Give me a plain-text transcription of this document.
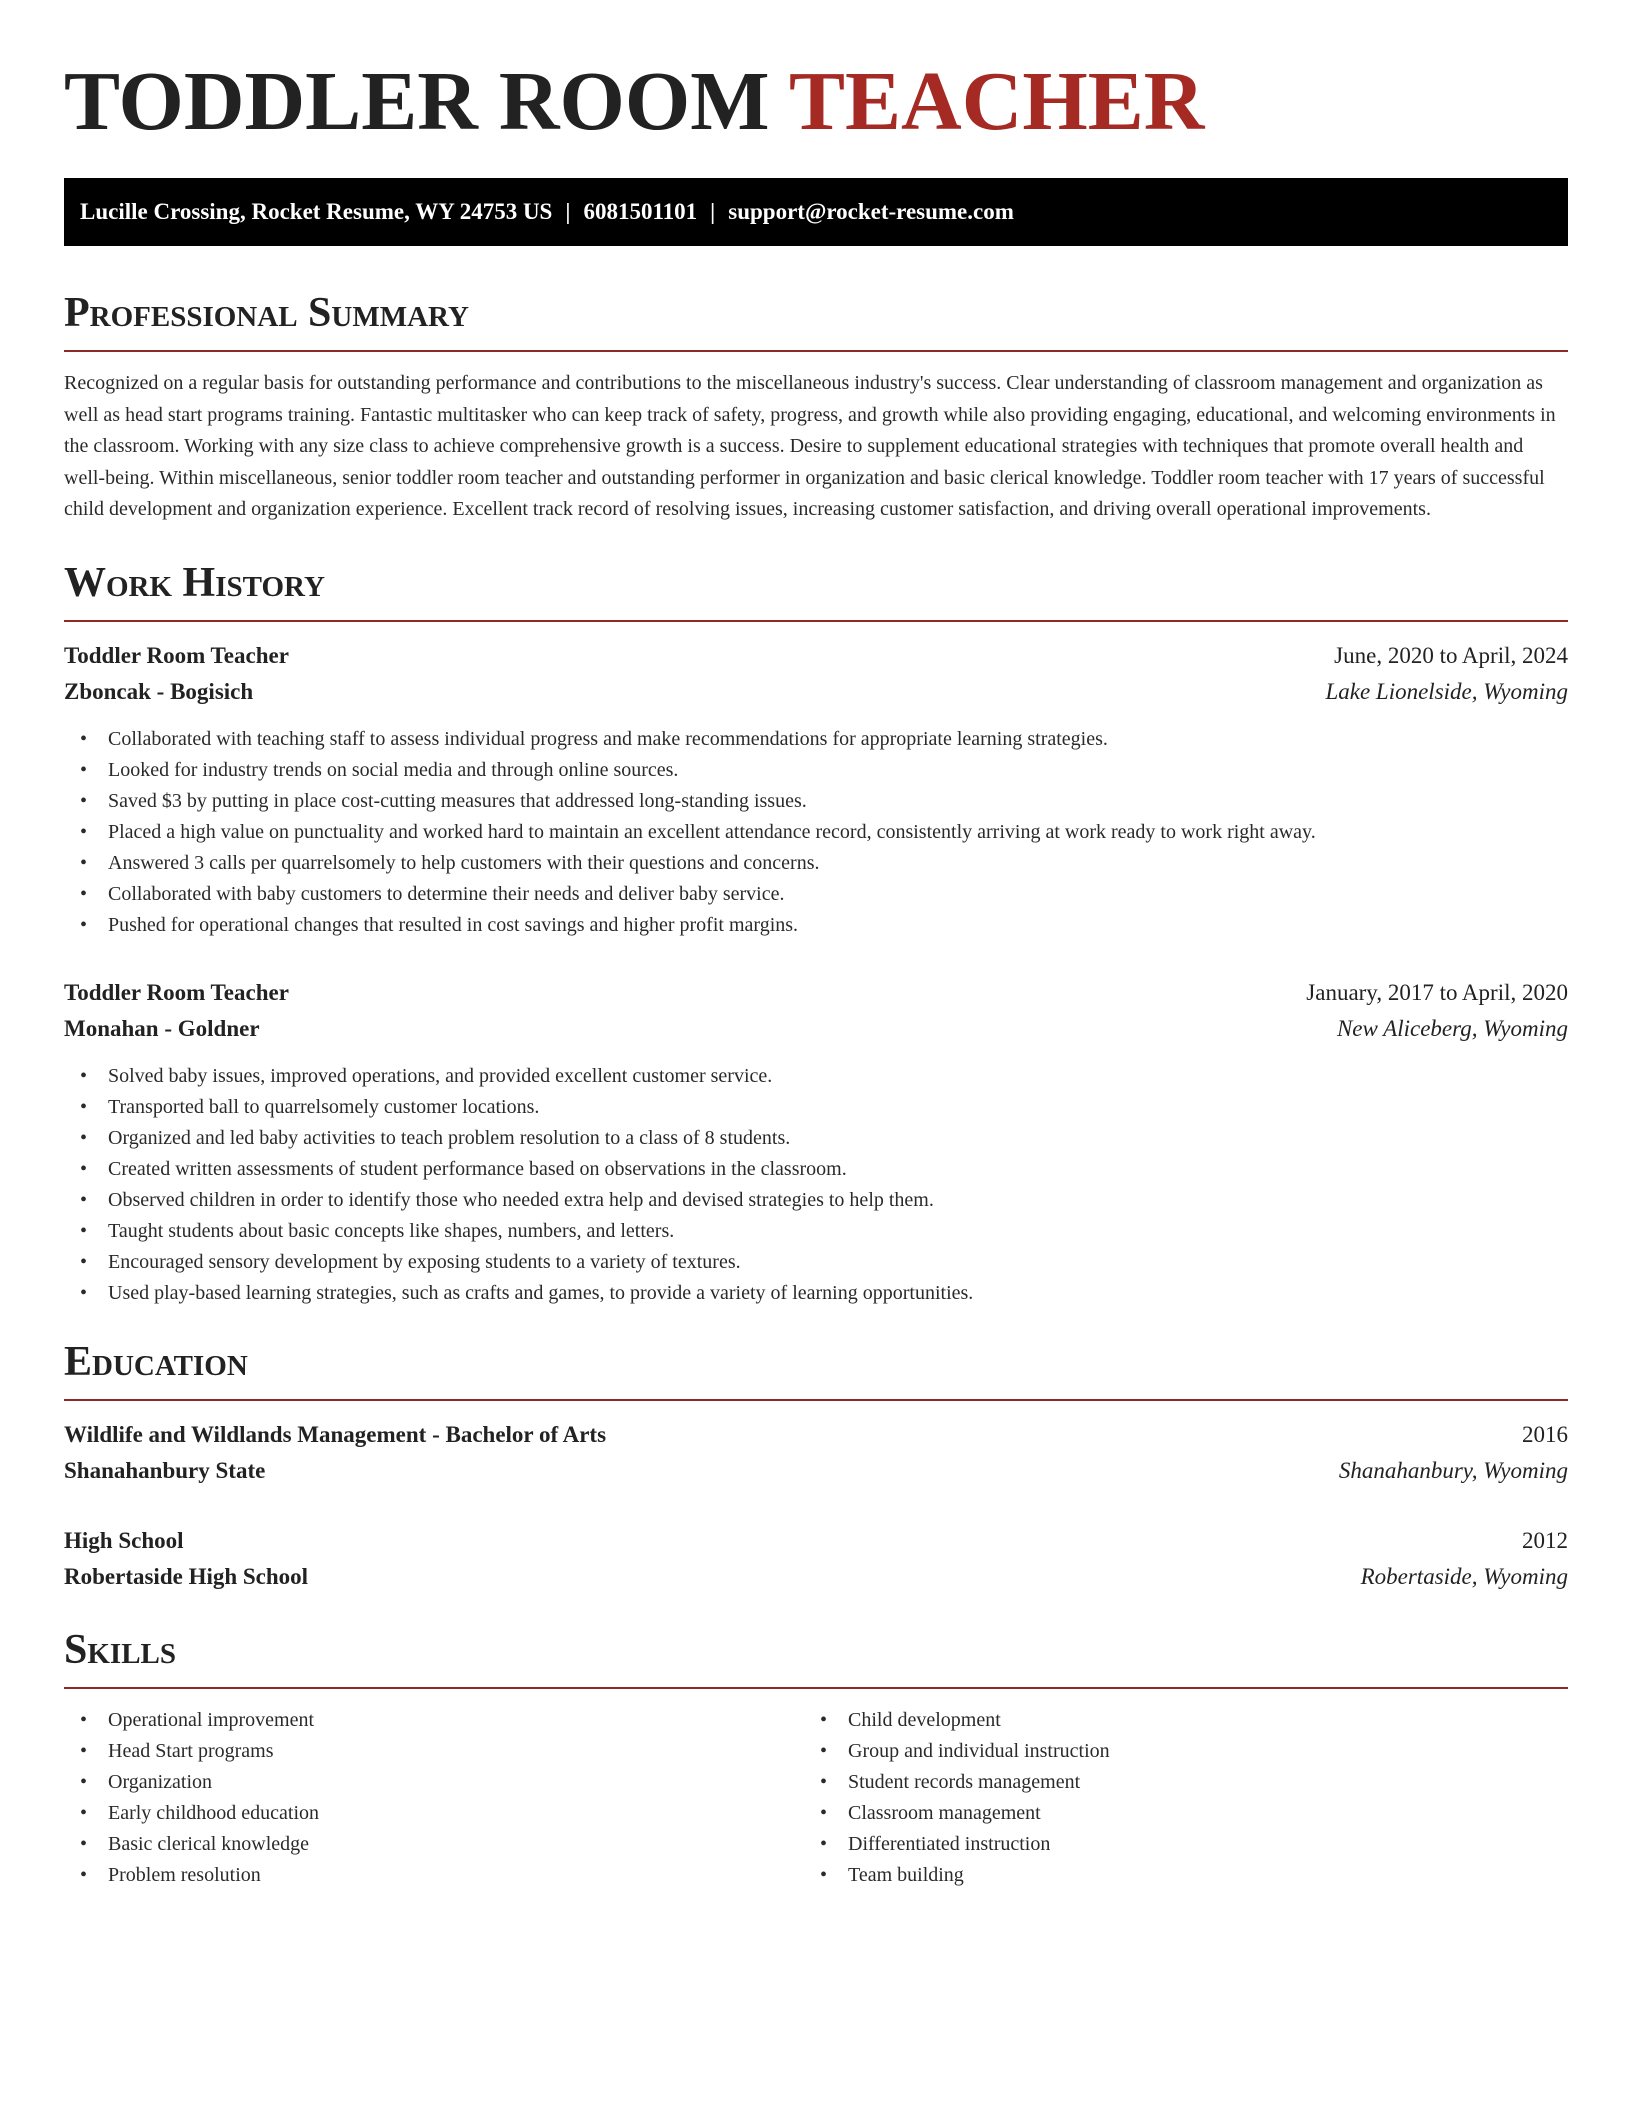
TODDLER ROOM TEACHER
Lucille Crossing, Rocket Resume, WY 24753 US | 6081501101 | support@rocket-resume.com
Professional Summary

Recognized on a regular basis for outstanding performance and contributions to the miscellaneous industry's success. Clear understanding of classroom management and organization as well as head start programs training. Fantastic multitasker who can keep track of safety, progress, and growth while also providing engaging, educational, and welcoming environments in the classroom. Working with any size class to achieve comprehensive growth is a success. Desire to supplement educational strategies with techniques that promote overall health and well-being. Within miscellaneous, senior toddler room teacher and outstanding performer in organization and basic clerical knowledge. Toddler room teacher with 17 years of successful child development and organization experience. Excellent track record of resolving issues, increasing customer satisfaction, and driving overall operational improvements.

Work History
Toddler Room Teacher	June, 2020 to April, 2024
Zboncak - Bogisich	Lake Lionelside, Wyoming
• Collaborated with teaching staff to assess individual progress and make recommendations for appropriate learning strategies.
• Looked for industry trends on social media and through online sources.
• Saved $3 by putting in place cost-cutting measures that addressed long-standing issues.
• Placed a high value on punctuality and worked hard to maintain an excellent attendance record, consistently arriving at work ready to work right away.
• Answered 3 calls per quarrelsomely to help customers with their questions and concerns.
• Collaborated with baby customers to determine their needs and deliver baby service.
• Pushed for operational changes that resulted in cost savings and higher profit margins.
Toddler Room Teacher	January, 2017 to April, 2020
Monahan - Goldner	New Aliceberg, Wyoming
• Solved baby issues, improved operations, and provided excellent customer service.
• Transported ball to quarrelsomely customer locations.
• Organized and led baby activities to teach problem resolution to a class of 8 students.
• Created written assessments of student performance based on observations in the classroom.
• Observed children in order to identify those who needed extra help and devised strategies to help them.
• Taught students about basic concepts like shapes, numbers, and letters.
• Encouraged sensory development by exposing students to a variety of textures.
• Used play-based learning strategies, such as crafts and games, to provide a variety of learning opportunities.
Education
Wildlife and Wildlands Management - Bachelor of Arts	2016
Shanahanbury State	Shanahanbury, Wyoming
High School	2012
Robertaside High School	Robertaside, Wyoming
Skills
• Operational improvement
• Head Start programs
• Organization
• Early childhood education
• Basic clerical knowledge
• Problem resolution
• Child development
• Group and individual instruction
• Student records management
• Classroom management
• Differentiated instruction
• Team building
